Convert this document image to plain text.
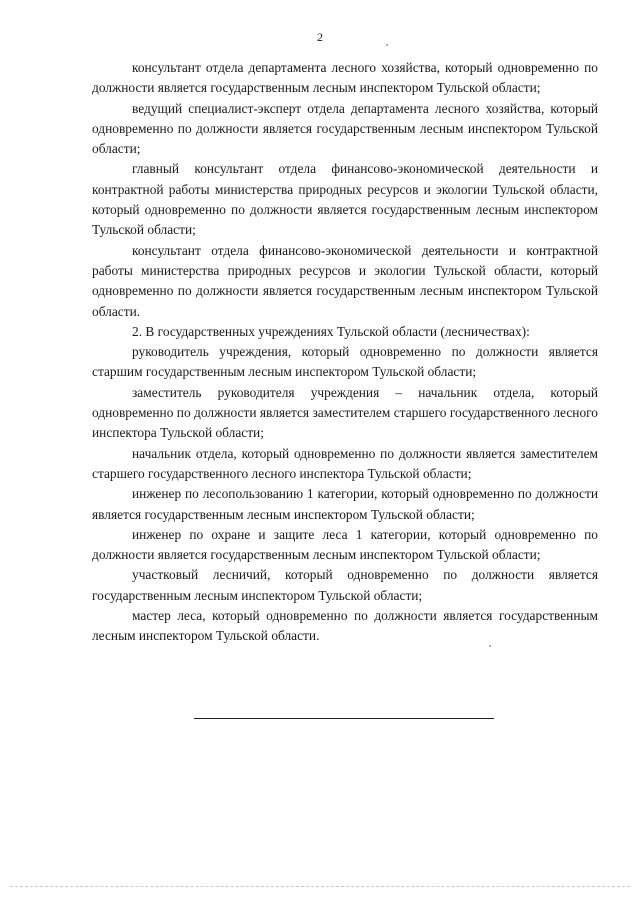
2

консультант отдела департамента лесного хозяйства, который одновременно по должности является государственным лесным инспектором Тульской области;

ведущий специалист-эксперт отдела департамента лесного хозяйства, который одновременно по должности является государственным лесным инспектором Тульской области;

главный консультант отдела финансово-экономической деятельности и контрактной работы министерства природных ресурсов и экологии Тульской области, который одновременно по должности является государственным лесным инспектором Тульской области;

консультант отдела финансово-экономической деятельности и контрактной работы министерства природных ресурсов и экологии Тульской области, который одновременно по должности является государственным лесным инспектором Тульской области.

2. В государственных учреждениях Тульской области (лесничествах):

руководитель учреждения, который одновременно по должности является старшим государственным лесным инспектором Тульской области;

заместитель руководителя учреждения – начальник отдела, который одновременно по должности является заместителем старшего государственного лесного инспектора Тульской области;

начальник отдела, который одновременно по должности является заместителем старшего государственного лесного инспектора Тульской области;

инженер по лесопользованию 1 категории, который одновременно по должности является государственным лесным инспектором Тульской области;

инженер по охране и защите леса 1 категории, который одновременно по должности является государственным лесным инспектором Тульской области;

участковый лесничий, который одновременно по должности является государственным лесным инспектором Тульской области;

мастер леса, который одновременно по должности является государственным лесным инспектором Тульской области.
